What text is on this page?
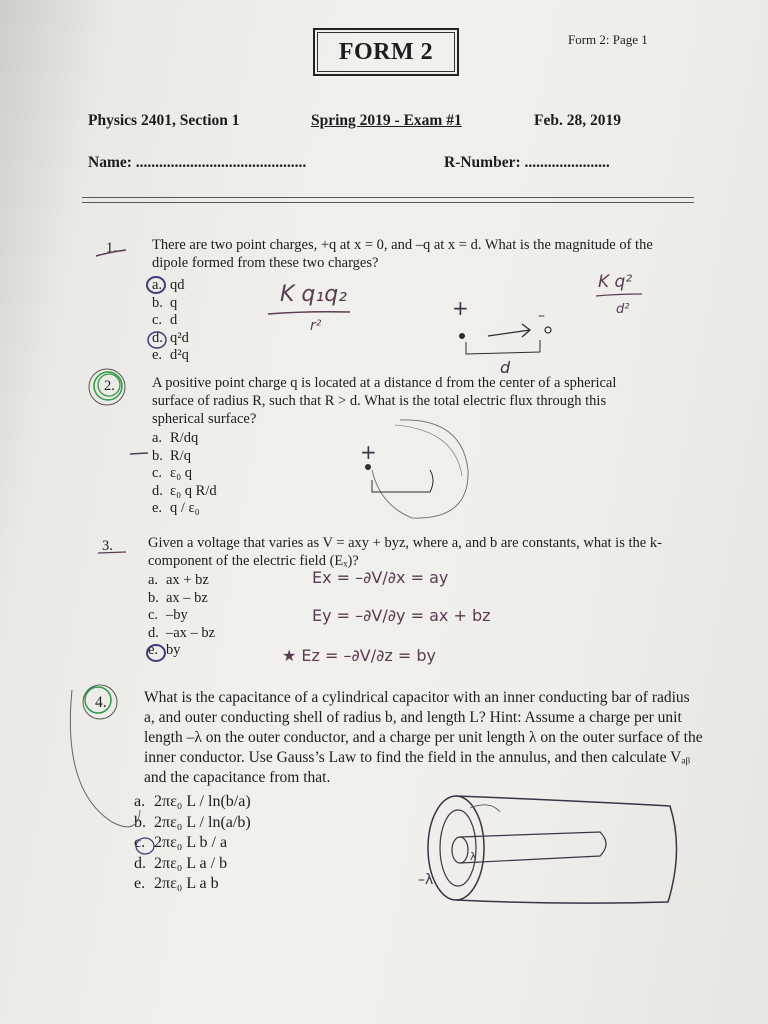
FORM 2	Form 2: Page 1
Physics 2401, Section 1	Spring 2019 - Exam #1	Feb. 28, 2019
Name: ............................................	R-Number: ......................
1. There are two point charges, +q at x = 0, and –q at x = d. What is the magnitude of the dipole formed from these two charges?
a. qd
b. q
c. d
d. q²d
e. d²q
2.	A positive point charge q is located at a distance d from the center of a spherical surface of radius R, such that R > d. What is the total electric flux through this spherical surface?
a. R/dq
b. R/q
c. ε₀ q
d. ε₀ q R/d
e. q / ε₀
3. Given a voltage that varies as V = axy + byz, where a, and b are constants, what is the k-component of the electric field (Eₓ)?
a. ax + bz
b. ax – bz
c. –by
d. –ax – bz
e. by
4. What is the capacitance of a cylindrical capacitor with an inner conducting bar of radius a, and outer conducting shell of radius b, and length L? Hint: Assume a charge per unit length –λ on the outer conductor, and a charge per unit length λ on the outer surface of the inner conductor. Use Gauss’s Law to find the field in the annulus, and then calculate Vₐᵦ and the capacitance from that.
a. 2πε₀ L / ln(b/a)
b. 2πε₀ L / ln(a/b)
c. 2πε₀ L b / a
d. 2πε₀ L a / b
e. 2πε₀ L a b
K q₁q₂
r²
K q²
d²
+	–
d
+
Ex = –∂V/∂x = ay
Ey = –∂V/∂y = ax + bz
★ Ez = –∂V/∂z = by
–λ
λ
